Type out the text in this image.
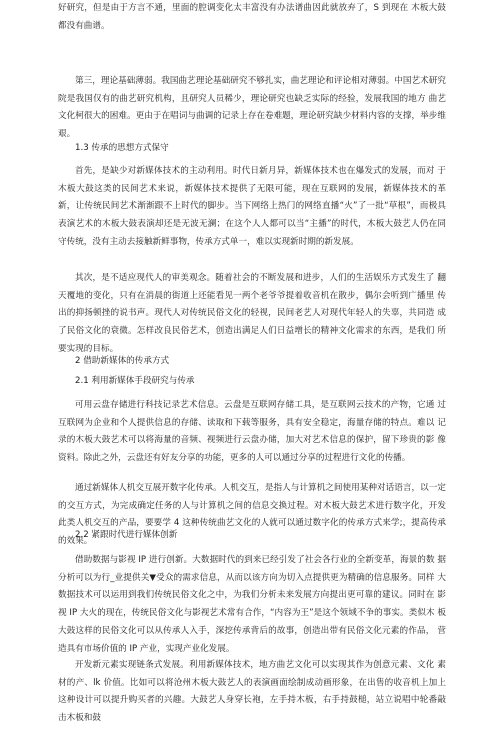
好研究，但是由于方言不通，里面的腔调变化太丰富没有办法谱曲因此就放弃了，S 到现在 木板大鼓都没有曲谱。

第三，理论基础薄弱。我国曲艺理论基础研究不够扎实，曲艺理论和评论相对薄弱。中国艺术研究院是我国仅有的曲艺研究机构，且研究人员稀少，理论研究也缺乏实际的经验，发展我国的地方 曲艺文化柯很大的困难。更由于在唱词与曲调的记录上存在卷难题，理论研究缺少材料内容的支撑，举步维艰。

1.3 传承的思想方式保守

首先，是缺少对新媒体技术的主动利用。时代日新月异，新媒体技术也在爆发式的发展，而对 于木板大鼓这类的民间艺术来说，新媒体技术提供了无限可能，现在互联网的发展，新媒体技术的革 新，让传统民间艺术渐渐跟不上时代的脚步。当下网络上热门的网络直播“火”了一批“草根”，而极具 表演艺术的木板大鼓表演却还是无波无澜；在这个人人都可以当“主播”的时代，木板大鼓艺人仍在同 守传统，没有主动去接触新鲜事物，传承方式单一，难以实现新时期的新发展。

其次，是不适应现代人的审美观念。随着社会的不断发展和进步，人们的生活娱乐方式发生了 翻天覆地的变化，只有在消晨的街道上还能看见一两个老爷爷提着收音机在散步，偶尔会听到广播里 传出的抑扬顿挫的说书声。现代人对传统民俗文化的轻视，民间老艺人对现代年轻人的失辜，共同造 成了民俗文化的衰微。怎样改良民俗艺术，创造出满足人们日益增长的精神文化需求的东西，是我们 所要实现的目标。

2 借助新媒体的传承方式

2.1 利用新媒体手段研究与传承

可用云盘存储进行科技记录艺术信息。云盘是互联网存储工具，是互联网云技术的产物，它通 过互联网为企业和个人提供信息的存储、读取和下载等服务，具有安全稳定，海量存储的特点。难以 记录的木板大鼓艺术可以将海量的音频、视频进行云盘办储，加大对艺术信息的保护，留下珍贵的影 像资料。除此之外，云盘还有好友分享的功能，更多的人可以通过分享的过程进行文化的传播。

通过新媒体人机交互展开数字化传承。人机交互，是指人与计算机之间使用某种对话语言，以一定 的交互方式，为完成确定任务的人与计算机之间的信息交换过程。对木板大鼓艺术进行数字化，开发 此类人机交互的产品，要要学 4 这种传统曲艺文化的人就可以通过数字化的传承方式来学;，提高传承的效果。

2.2 紧跟时代进行媒体创新

借助数据与影视 IP 进行创新。大数据时代的到来已经引发了社会各行业的全新变革，海景的数 据分析可以为行_业提供关▼受众的需求信息，从而以该方向为切入点提供更为精确的信息服务。同样 大数据技术可以运用到我们传统民俗文化之中，为我们分析未来发展方向提出更可靠的建议。同时在 影视 IP 大火的现在，传统民俗文化与影视艺术常有合作，“内容为王”是这个领域不争的事实。类似木 板大鼓这样的民俗文化可以从传承人入手，深挖传承背后的故事，创造出带有民俗文化元素的作品， 营造具有市场价值的 IP 产业，实现产业化发展。

开发新元素实现链条式发展。利用新媒体技术，地方曲艺文化可以实现其作为创意元素、文化 素材的产、lk 价值。比如可以将沧州木板大鼓艺人的表演画面绘制成动画形象，在出售的收音机上加上 这种设计可以提升购买者的兴趣。大鼓艺人身穿长袍，左手持木板，右手持鼓槌，站立说唱中轮番敲 击木板和鼓
